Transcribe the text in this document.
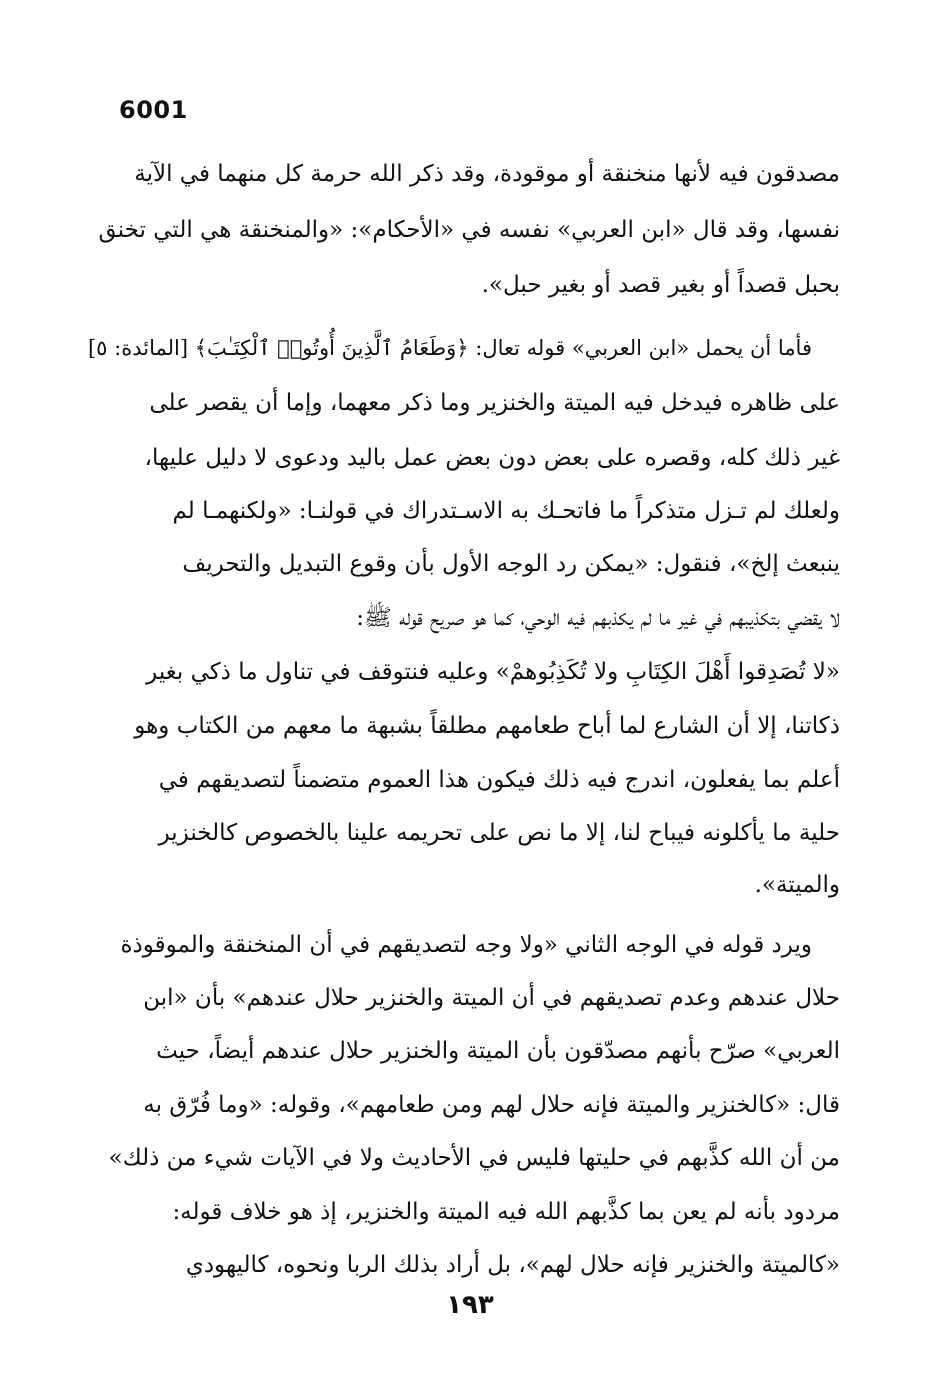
6001
مصدقون فيه لأنها منخنقة أو موقودة، وقد ذكر الله حرمة كل منهما في الآية
نفسها، وقد قال «ابن العربي» نفسه في «الأحكام»: «والمنخنقة هي التي تخنق
بحبل قصداً أو بغير قصد أو بغير حبل».
فأما أن يحمل «ابن العربي» قوله تعال: ﴿وَطَعَامُ ٱلَّذِينَ أُوتُوا۟ ٱلْكِتَـٰبَ﴾ [المائدة: ٥]
على ظاهره فيدخل فيه الميتة والخنزير وما ذكر معهما، وإما أن يقصر على
غير ذلك كله، وقصره على بعض دون بعض عمل باليد ودعوى لا دليل عليها،
ولعلك لم تـزل متذكراً ما فاتحـك به الاسـتدراك في قولنـا: «ولكنهمـا لم
ينبعث إلخ»، فنقول: «يمكن رد الوجه الأول بأن وقوع التبديل والتحريف
لا يقضي بتكذيبهم في غير ما لم يكذبهم فيه الوحي، كما هو صريح قوله ﷺ:
«لا تُصَدِقوا أَهْلَ الكِتَابِ ولا تُكَذِبُوهمْ» وعليه فنتوقف في تناول ما ذكي بغير
ذكاتنا، إلا أن الشارع لما أباح طعامهم مطلقاً بشبهة ما معهم من الكتاب وهو
أعلم بما يفعلون، اندرج فيه ذلك فيكون هذا العموم متضمناً لتصديقهم في
حلية ما يأكلونه فيباح لنا، إلا ما نص على تحريمه علينا بالخصوص كالخنزير
والميتة».
ويرد قوله في الوجه الثاني «ولا وجه لتصديقهم في أن المنخنقة والموقوذة
حلال عندهم وعدم تصديقهم في أن الميتة والخنزير حلال عندهم» بأن «ابن
العربي» صرّح بأنهم مصدّقون بأن الميتة والخنزير حلال عندهم أيضاً، حيث
قال: «كالخنزير والميتة فإنه حلال لهم ومن طعامهم»، وقوله: «وما فُرّق به
من أن الله كذَّبهم في حليتها فليس في الأحاديث ولا في الآيات شيء من ذلك»
مردود بأنه لم يعن بما كذَّبهم الله فيه الميتة والخنزير، إذ هو خلاف قوله:
«كالميتة والخنزير فإنه حلال لهم»، بل أراد بذلك الربا ونحوه، كاليهودي
١٩٣
